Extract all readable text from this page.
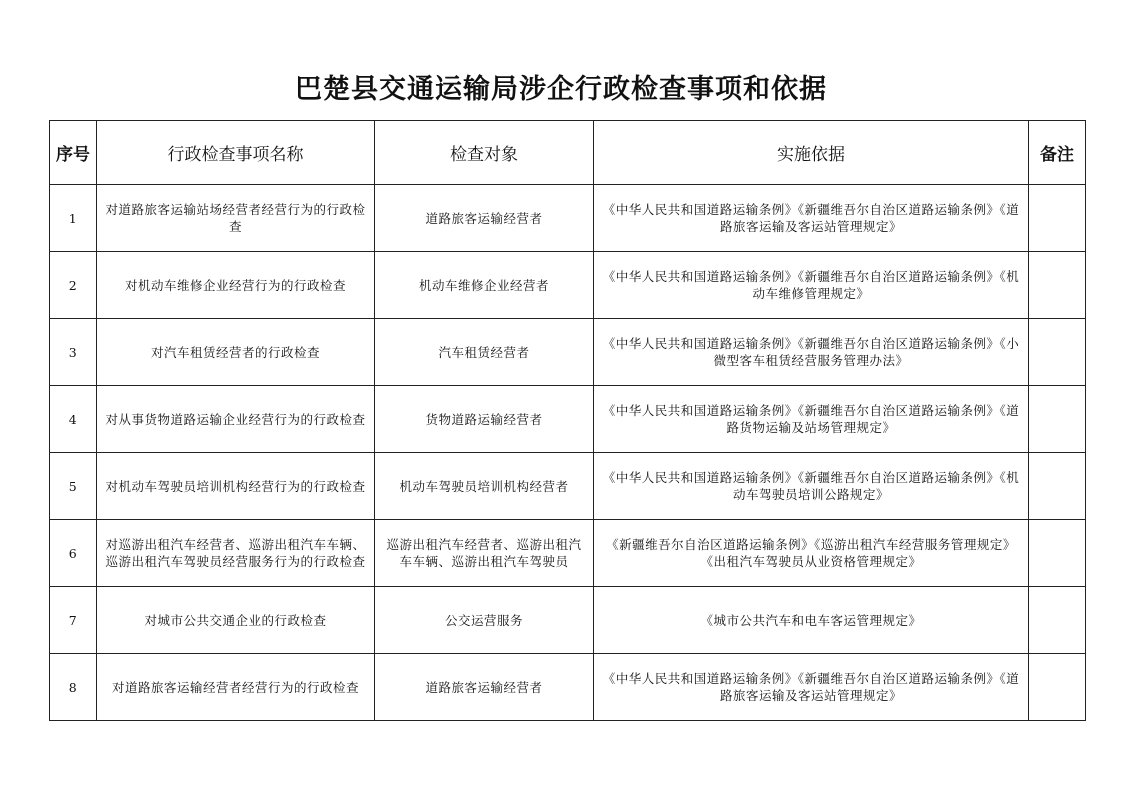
巴楚县交通运输局涉企行政检查事项和依据
序号	行政检查事项名称	检查对象	实施依据	备注
1	对道路旅客运输站场经营者经营行为的行政检查	道路旅客运输经营者	《中华人民共和国道路运输条例》《新疆维吾尔自治区道路运输条例》《道路旅客运输及客运站管理规定》	
2	对机动车维修企业经营行为的行政检查	机动车维修企业经营者	《中华人民共和国道路运输条例》《新疆维吾尔自治区道路运输条例》《机动车维修管理规定》	
3	对汽车租赁经营者的行政检查	汽车租赁经营者	《中华人民共和国道路运输条例》《新疆维吾尔自治区道路运输条例》《小微型客车租赁经营服务管理办法》	
4	对从事货物道路运输企业经营行为的行政检查	货物道路运输经营者	《中华人民共和国道路运输条例》《新疆维吾尔自治区道路运输条例》《道路货物运输及站场管理规定》	
5	对机动车驾驶员培训机构经营行为的行政检查	机动车驾驶员培训机构经营者	《中华人民共和国道路运输条例》《新疆维吾尔自治区道路运输条例》《机动车驾驶员培训公路规定》	
6	对巡游出租汽车经营者、巡游出租汽车车辆、巡游出租汽车驾驶员经营服务行为的行政检查	巡游出租汽车经营者、巡游出租汽车车辆、巡游出租汽车驾驶员	《新疆维吾尔自治区道路运输条例》《巡游出租汽车经营服务管理规定》《出租汽车驾驶员从业资格管理规定》	
7	对城市公共交通企业的行政检查	公交运营服务	《城市公共汽车和电车客运管理规定》	
8	对道路旅客运输经营者经营行为的行政检查	道路旅客运输经营者	《中华人民共和国道路运输条例》《新疆维吾尔自治区道路运输条例》《道路旅客运输及客运站管理规定》	
